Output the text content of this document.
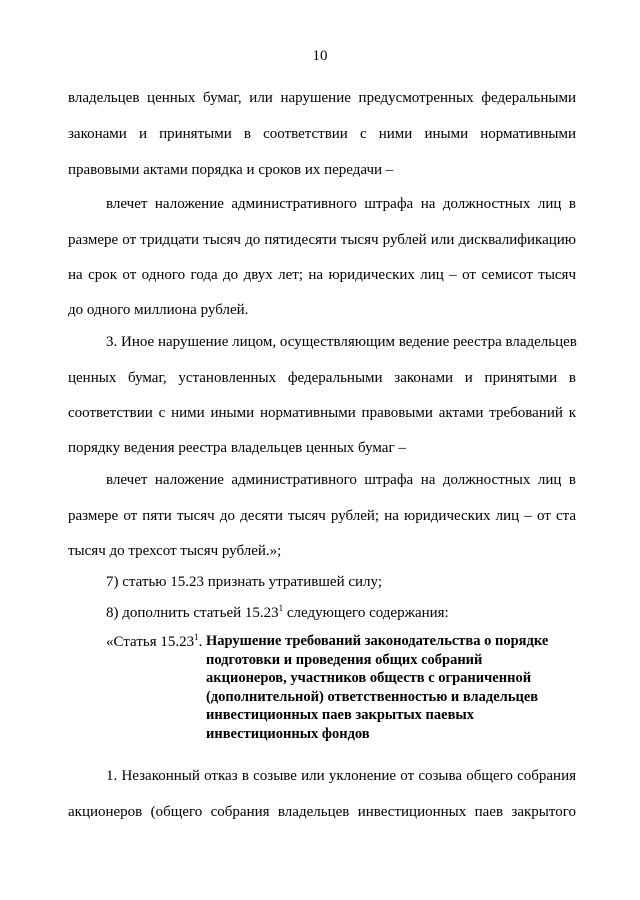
10
владельцев ценных бумаг, или нарушение предусмотренных федеральными
законами и принятыми в соответствии с ними иными нормативными
правовыми актами порядка и сроков их передачи –
влечет наложение административного штрафа на должностных лиц в
размере от тридцати тысяч до пятидесяти тысяч рублей или дисквалификацию
на срок от одного года до двух лет; на юридических лиц – от семисот тысяч
до одного миллиона рублей.
3. Иное нарушение лицом, осуществляющим ведение реестра владельцев
ценных бумаг, установленных федеральными законами и принятыми в
соответствии с ними иными нормативными правовыми актами требований к
порядку ведения реестра владельцев ценных бумаг –
влечет наложение административного штрафа на должностных лиц в
размере от пяти тысяч до десяти тысяч рублей; на юридических лиц – от ста
тысяч до трехсот тысяч рублей.»;
7) статью 15.23 признать утратившей силу;
8) дополнить статьей 15.23$^1$ следующего содержания:
«Статья 15.23$^1$. Нарушение требований законодательства о порядке
подготовки и проведения общих собраний
акционеров, участников обществ с ограниченной
(дополнительной) ответственностью и владельцев
инвестиционных паев закрытых паевых
инвестиционных фондов
1. Незаконный отказ в созыве или уклонение от созыва общего собрания
акционеров (общего собрания владельцев инвестиционных паев закрытого
